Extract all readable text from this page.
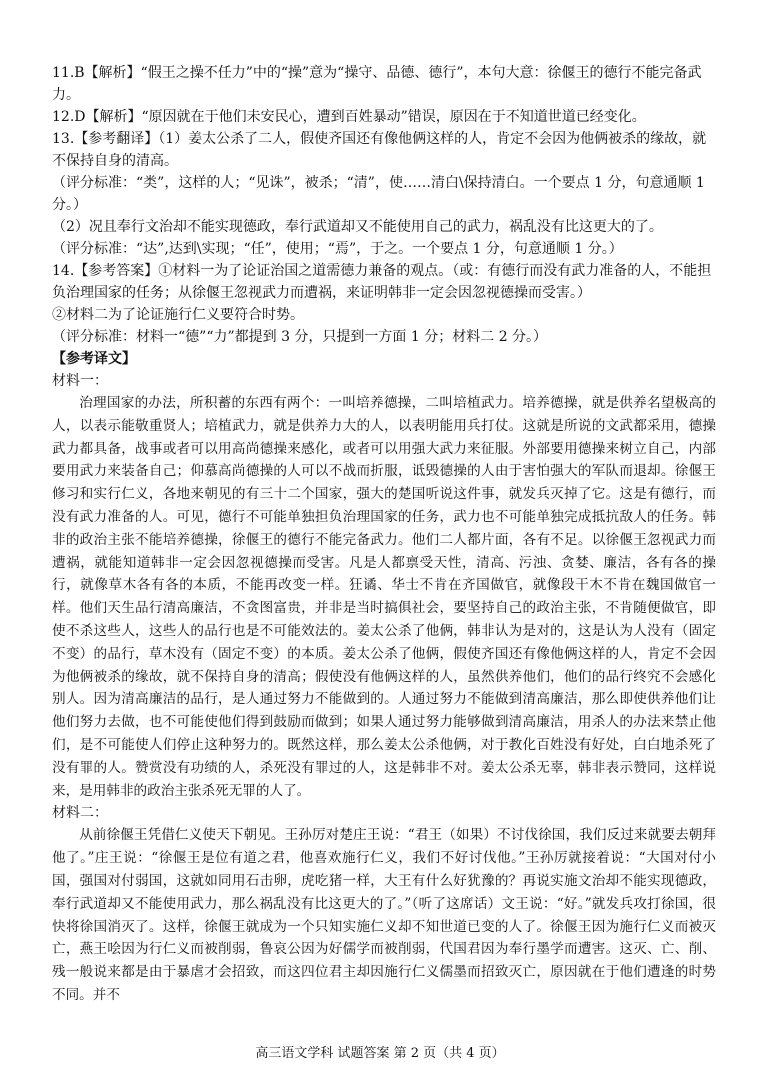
11.B【解析】“假王之操不任力”中的“操”意为“操守、品德、德行”，本句大意：徐偃王的德行不能完备武力。
12.D【解析】“原因就在于他们未安民心，遭到百姓暴动”错误，原因在于不知道世道已经变化。
13.【参考翻译】（1）姜太公杀了二人，假使齐国还有像他俩这样的人，肯定不会因为他俩被杀的缘故，就不保持自身的清高。
（评分标准：“类”，这样的人；“见诛”，被杀；“清”，使……清白\保持清白。一个要点 1 分，句意通顺 1 分。）
（2）况且奉行文治却不能实现德政，奉行武道却又不能使用自己的武力，祸乱没有比这更大的了。
（评分标准：“达”,达到\实现；“任”，使用；“焉”，于之。一个要点 1 分，句意通顺 1 分。）
14.【参考答案】①材料一为了论证治国之道需德力兼备的观点。（或：有德行而没有武力准备的人，不能担负治理国家的任务；从徐偃王忽视武力而遭祸，来证明韩非一定会因忽视德操而受害。）
②材料二为了论证施行仁义要符合时势。
（评分标准：材料一“德”“力”都提到 3 分，只提到一方面 1 分；材料二 2 分。）
【参考译文】
材料一：

治理国家的办法，所积蓄的东西有两个：一叫培养德操，二叫培植武力。培养德操，就是供养名望极高的人，以表示能敬重贤人；培植武力，就是供养力大的人，以表明能用兵打仗。这就是所说的文武都采用，德操武力都具备，战事或者可以用高尚德操来感化，或者可以用强大武力来征服。外部要用德操来树立自己，内部要用武力来装备自己；仰慕高尚德操的人可以不战而折服，诋毁德操的人由于害怕强大的军队而退却。徐偃王修习和实行仁义，各地来朝见的有三十二个国家，强大的楚国听说这件事，就发兵灭掉了它。这是有德行，而没有武力准备的人。可见，德行不可能单独担负治理国家的任务，武力也不可能单独完成抵抗敌人的任务。韩非的政治主张不能培养德操，徐偃王的德行不能完备武力。他们二人都片面，各有不足。以徐偃王忽视武力而遭祸，就能知道韩非一定会因忽视德操而受害。凡是人都禀受天性，清高、污浊、贪婪、廉洁，各有各的操行，就像草木各有各的本质，不能再改变一样。狂谲、华士不肯在齐国做官，就像段干木不肯在魏国做官一样。他们天生品行清高廉洁，不贪图富贵，并非是当时搞俱社会，要坚持自己的政治主张，不肯随便做官，即使不杀这些人，这些人的品行也是不可能效法的。姜太公杀了他俩，韩非认为是对的，这是认为人没有（固定不变）的品行，草木没有（固定不变）的本质。姜太公杀了他俩，假使齐国还有像他俩这样的人，肯定不会因为他俩被杀的缘故，就不保持自身的清高；假使没有他俩这样的人，虽然供养他们，他们的品行终究不会感化别人。因为清高廉洁的品行，是人通过努力不能做到的。人通过努力不能做到清高廉洁，那么即使供养他们让他们努力去做，也不可能使他们得到鼓励而做到；如果人通过努力能够做到清高廉洁，用杀人的办法来禁止他们，是不可能使人们停止这种努力的。既然这样，那么姜太公杀他俩，对于教化百姓没有好处，白白地杀死了没有罪的人。赞赏没有功绩的人，杀死没有罪过的人，这是韩非不对。姜太公杀无辜，韩非表示赞同，这样说来，是用韩非的政治主张杀死无罪的人了。

材料二：

从前徐偃王凭借仁义使天下朝见。王孙厉对楚庄王说：“君王（如果）不讨伐徐国，我们反过来就要去朝拜他了。”庄王说：“徐偃王是位有道之君，他喜欢施行仁义，我们不好讨伐他。”王孙厉就接着说：“大国对付小国，强国对付弱国，这就如同用石击卵，虎吃猪一样，大王有什么好犹豫的？再说实施文治却不能实现德政，奉行武道却又不能使用武力，那么祸乱没有比这更大的了。”（听了这席话）文王说：“好。”就发兵攻打徐国，很快将徐国消灭了。这样，徐偃王就成为一个只知实施仁义却不知世道已变的人了。徐偃王因为施行仁义而被灭亡，燕王哙因为行仁义而被削弱，鲁哀公因为好儒学而被削弱，代国君因为奉行墨学而遭害。这灭、亡、削、残一般说来都是由于暴虐才会招致，而这四位君主却因施行仁义儒墨而招致灭亡，原因就在于他们遭逢的时势不同。并不

高三语文学科 试题答案 第 2 页（共 4 页）
